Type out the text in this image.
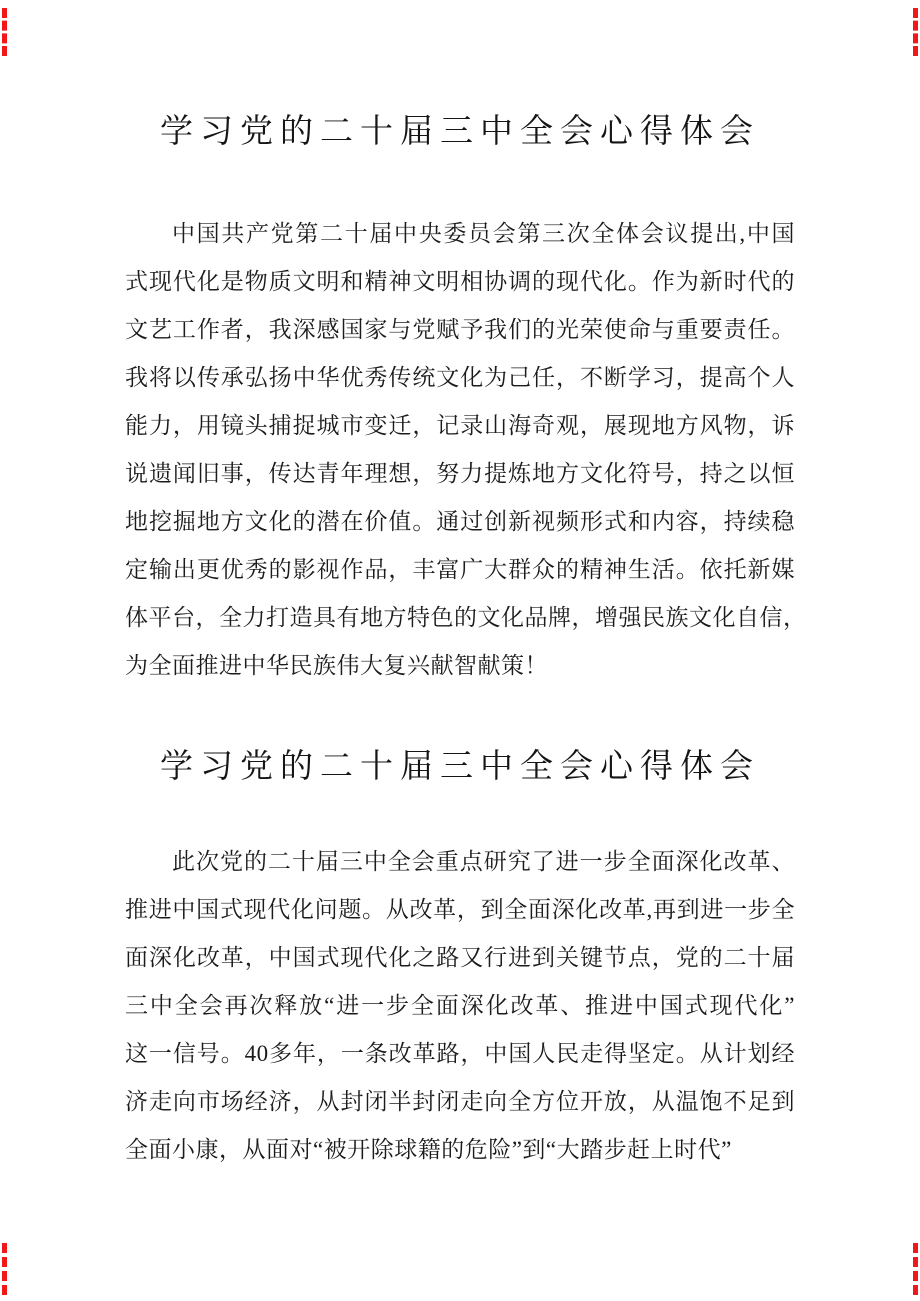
学习党的二十届三中全会心得体会
中国共产党第二十届中央委员会第三次全体会议提出,中国
式现代化是物质文明和精神文明相协调的现代化。作为新时代的
文艺工作者，我深感国家与党赋予我们的光荣使命与重要责任。
我将以传承弘扬中华优秀传统文化为己任，不断学习，提高个人
能力，用镜头捕捉城市变迁，记录山海奇观，展现地方风物，诉
说遗闻旧事，传达青年理想，努力提炼地方文化符号，持之以恒
地挖掘地方文化的潜在价值。通过创新视频形式和内容，持续稳
定输出更优秀的影视作品，丰富广大群众的精神生活。依托新媒
体平台，全力打造具有地方特色的文化品牌，增强民族文化自信，
为全面推进中华民族伟大复兴献智献策！
学习党的二十届三中全会心得体会
此次党的二十届三中全会重点研究了进一步全面深化改革、
推进中国式现代化问题。从改革，到全面深化改革,再到进一步全
面深化改革，中国式现代化之路又行进到关键节点，党的二十届
三中全会再次释放“进一步全面深化改革、推进中国式现代化”
这一信号。40多年，一条改革路，中国人民走得坚定。从计划经
济走向市场经济，从封闭半封闭走向全方位开放，从温饱不足到
全面小康，从面对“被开除球籍的危险”到“大踏步赶上时代”
